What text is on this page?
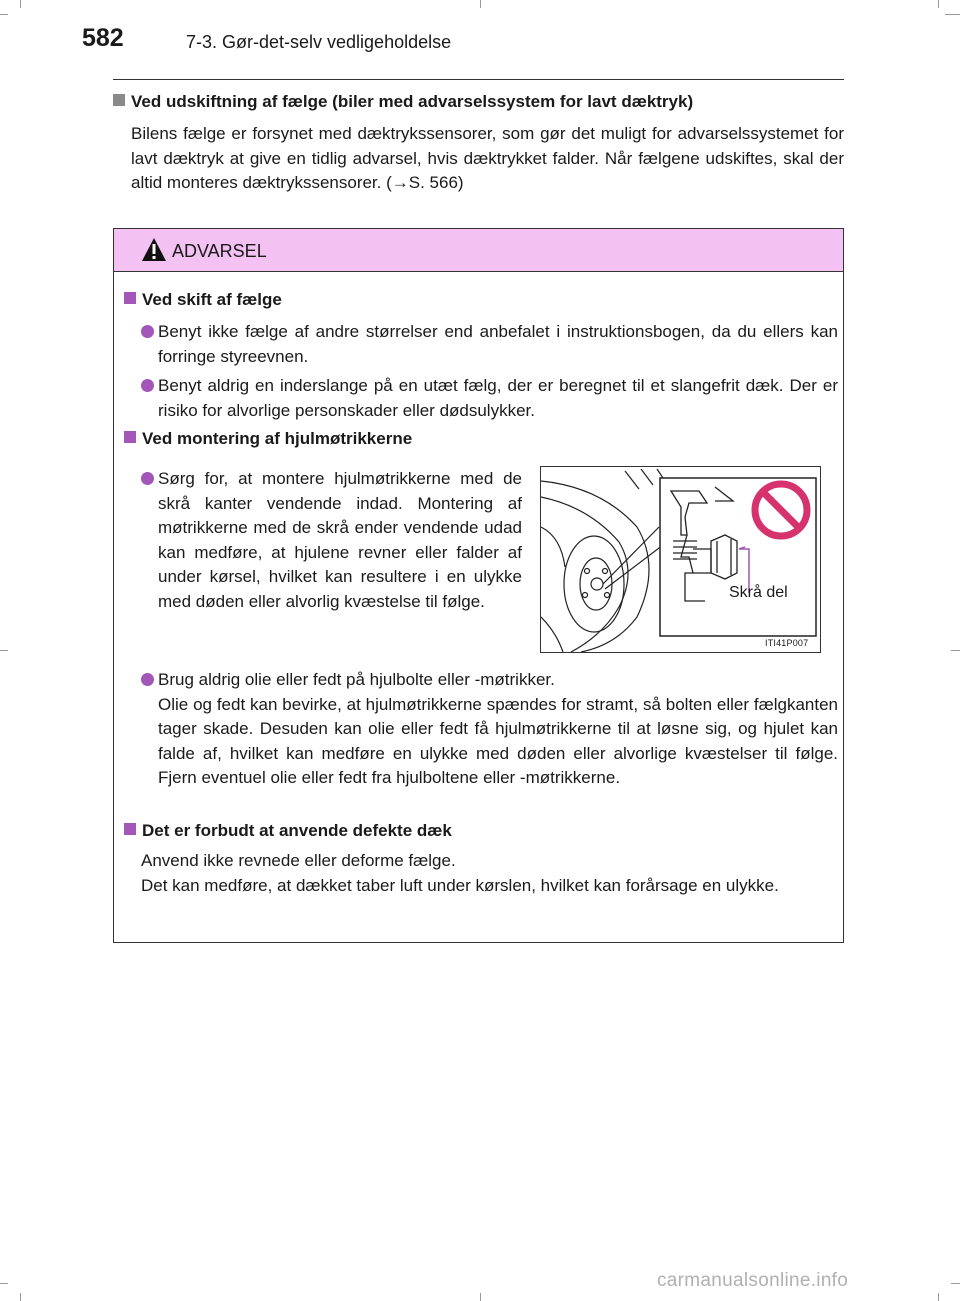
582	7-3. Gør-det-selv vedligeholdelse
Ved udskiftning af fælge (biler med advarselssystem for lavt dæktryk)
Bilens fælge er forsynet med dæktrykssensorer, som gør det muligt for advarselssystemet for lavt dæktryk at give en tidlig advarsel, hvis dæktrykket falder. Når fælgene udskiftes, skal der altid monteres dæktrykssensorer. (→S. 566)
ADVARSEL
Ved skift af fælge
Benyt ikke fælge af andre størrelser end anbefalet i instruktionsbogen, da du ellers kan forringe styreevnen.
Benyt aldrig en inderslange på en utæt fælg, der er beregnet til et slangefrit dæk. Der er risiko for alvorlige personskader eller dødsulykker.
Ved montering af hjulmøtrikkerne
Sørg for, at montere hjulmøtrikkerne med de skrå kanter vendende indad. Montering af møtrikkerne med de skrå ender vendende udad kan medføre, at hjulene revner eller falder af under kørsel, hvilket kan resultere i en ulykke med døden eller alvorlig kvæstelse til følge.	Skrå del
ITI41P007
Brug aldrig olie eller fedt på hjulbolte eller -møtrikker.
Olie og fedt kan bevirke, at hjulmøtrikkerne spændes for stramt, så bolten eller fælgkanten tager skade. Desuden kan olie eller fedt få hjulmøtrikkerne til at løsne sig, og hjulet kan falde af, hvilket kan medføre en ulykke med døden eller alvorlige kvæstelser til følge. Fjern eventuel olie eller fedt fra hjulboltene eller -møtrikkerne.
Det er forbudt at anvende defekte dæk
Anvend ikke revnede eller deforme fælge.
Det kan medføre, at dækket taber luft under kørslen, hvilket kan forårsage en ulykke.
carmanualsonline.info
